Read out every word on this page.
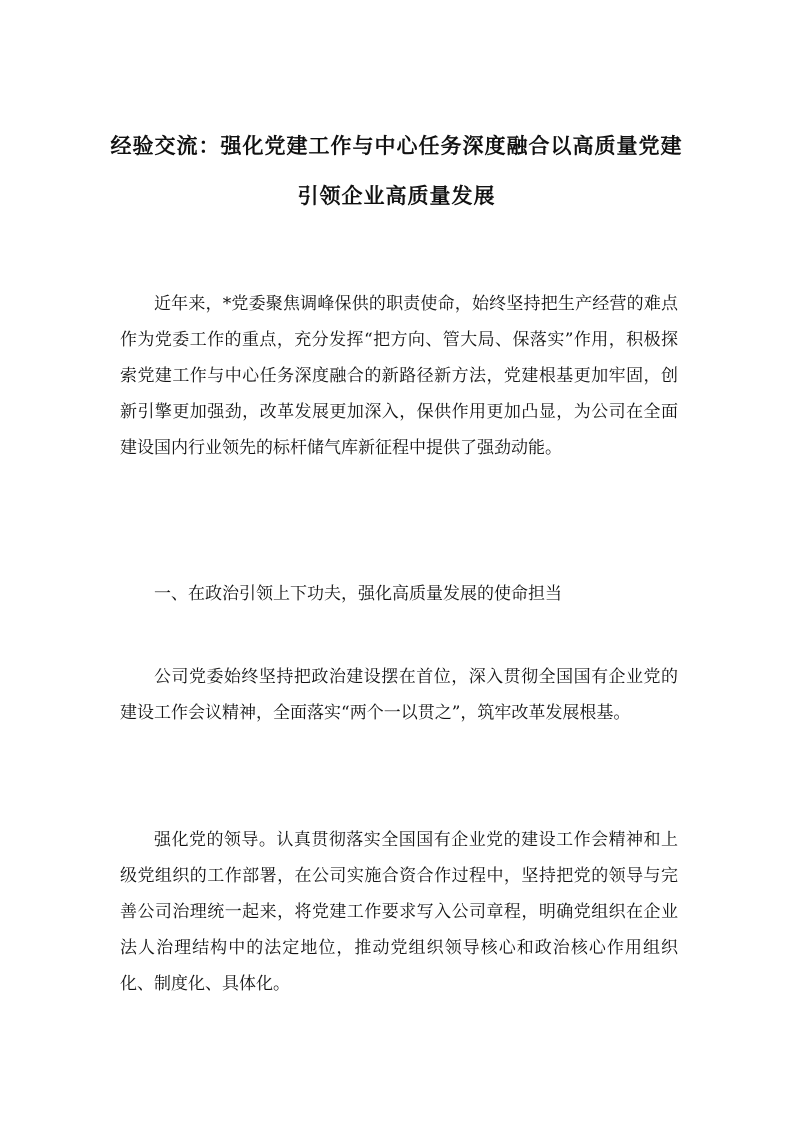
经验交流：强化党建工作与中心任务深度融合以高质量党建
引领企业高质量发展

近年来，*党委聚焦调峰保供的职责使命，始终坚持把生产经营的难点作为党委工作的重点，充分发挥“把方向、管大局、保落实”作用，积极探索党建工作与中心任务深度融合的新路径新方法，党建根基更加牢固，创新引擎更加强劲，改革发展更加深入，保供作用更加凸显，为公司在全面建设国内行业领先的标杆储气库新征程中提供了强劲动能。

一、在政治引领上下功夫，强化高质量发展的使命担当

公司党委始终坚持把政治建设摆在首位，深入贯彻全国国有企业党的建设工作会议精神，全面落实“两个一以贯之”，筑牢改革发展根基。

强化党的领导。认真贯彻落实全国国有企业党的建设工作会精神和上级党组织的工作部署，在公司实施合资合作过程中，坚持把党的领导与完善公司治理统一起来，将党建工作要求写入公司章程，明确党组织在企业法人治理结构中的法定地位，推动党组织领导核心和政治核心作用组织化、制度化、具体化。
